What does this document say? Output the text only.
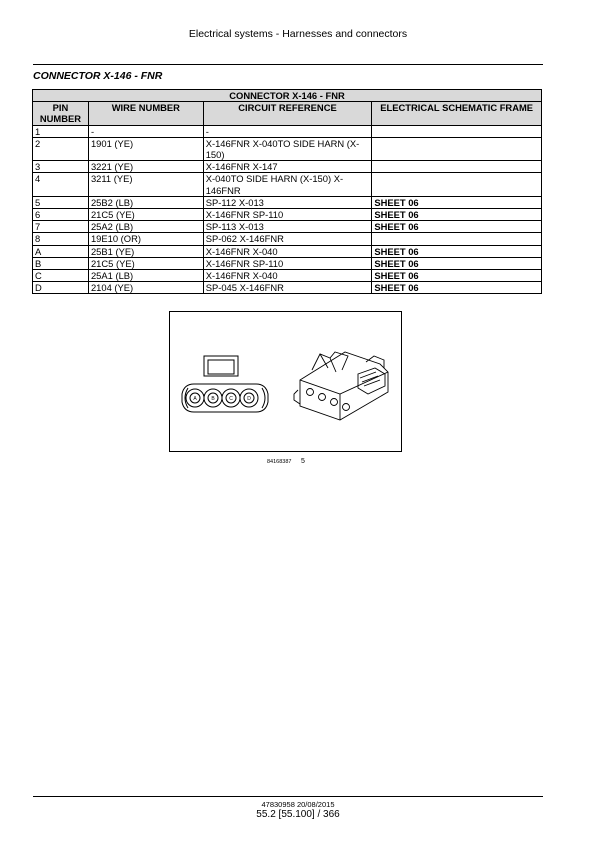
Electrical systems - Harnesses and connectors
CONNECTOR X-146 - FNR
CONNECTOR X-146 - FNR			
PIN NUMBER	WIRE NUMBER	CIRCUIT REFERENCE	ELECTRICAL SCHEMATIC FRAME
1	-	-	
2	1901 (YE)	X-146FNR X-040TO SIDE HARN (X-150)	
3	3221 (YE)	X-146FNR X-147	
4	3211 (YE)	X-040TO SIDE HARN (X-150) X-146FNR	
5	25B2 (LB)	SP-112 X-013	SHEET 06
6	21C5 (YE)	X-146FNR SP-110	SHEET 06
7	25A2 (LB)	SP-113 X-013	SHEET 06
8	19E10 (OR)	SP-062 X-146FNR	
A	25B1 (YE)	X-146FNR X-040	SHEET 06
B	21C5 (YE)	X-146FNR SP-110	SHEET 06
C	25A1 (LB)	X-146FNR X-040	SHEET 06
D	2104 (YE)	SP-045 X-146FNR	SHEET 06
A	B	C	D
84168387 5
47830958 20/08/2015
55.2 [55.100] / 366
